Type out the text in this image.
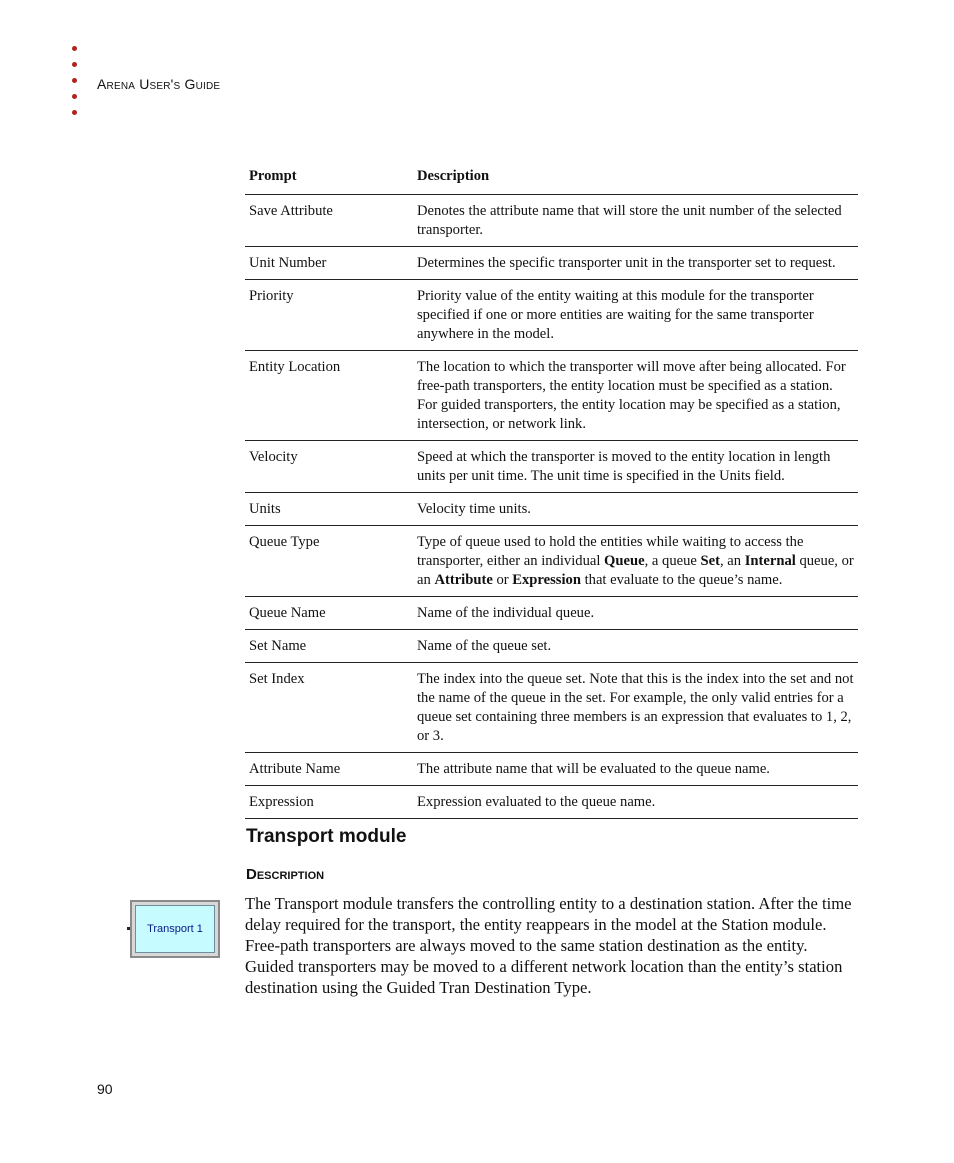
Arena User's Guide
Prompt	Description
Save Attribute	Denotes the attribute name that will store the unit number of the selected transporter.
Unit Number	Determines the specific transporter unit in the transporter set to request.
Priority	Priority value of the entity waiting at this module for the transporter specified if one or more entities are waiting for the same transporter anywhere in the model.
Entity Location	The location to which the transporter will move after being allocated. For free-path transporters, the entity location must be specified as a station. For guided transporters, the entity location may be specified as a station, intersection, or network link.
Velocity	Speed at which the transporter is moved to the entity location in length units per unit time. The unit time is specified in the Units field.
Units	Velocity time units.
Queue Type	Type of queue used to hold the entities while waiting to access the transporter, either an individual Queue, a queue Set, an Internal queue, or an Attribute or Expression that evaluate to the queue’s name.
Queue Name	Name of the individual queue.
Set Name	Name of the queue set.
Set Index	The index into the queue set. Note that this is the index into the set and not the name of the queue in the set. For example, the only valid entries for a queue set containing three members is an expression that evaluates to 1, 2, or 3.
Attribute Name	The attribute name that will be evaluated to the queue name.
Expression	Expression evaluated to the queue name.
Transport module
Description
Transport 1
The Transport module transfers the controlling entity to a destination station. After the time delay required for the transport, the entity reappears in the model at the Station module. Free-path transporters are always moved to the same station destination as the entity. Guided transporters may be moved to a different network location than the entity’s station destination using the Guided Tran Destination Type.
90
